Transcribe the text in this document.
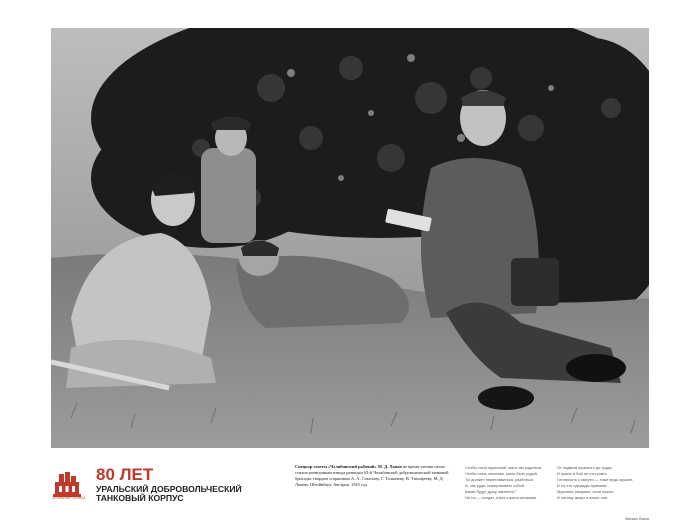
АРХИВНАЯ СЛУЖБА
80 ЛЕТ
УРАЛЬСКИЙ ДОБРОВОЛЬЧЕСКИЙ
ТАНКОВЫЙ КОРПУС
Спецкор газеты «Челябинский рабочий» М. Д. Львов во время чтения своих стихов разведчикам взвода разведки 63-й Челябинской добровольческой танковой бригады: гвардии старшинам А. А. Соколову, Г. Толкачеву, В. Тимофееву, М. Д. Львову. Штойнберг, Австрия. 1945 год
Чтобы стать мужчиной, мало им родиться,
Чтобы стать железом, мало быть рудой.
Ты должен переплавиться, разбиться
И, как руда, пожертвовать собой.
Какие будут душу закалять?
Не ты — солдат, а вся страна штыками.
От подвига мужского до труда,
И нужно в бой не отступать.
Готовность к смерти — тоже ведь оружие,
И ты его однажды примени...
Мужчины умирают, если нужно,
И потому живут в веках они.
Михаил Львов
